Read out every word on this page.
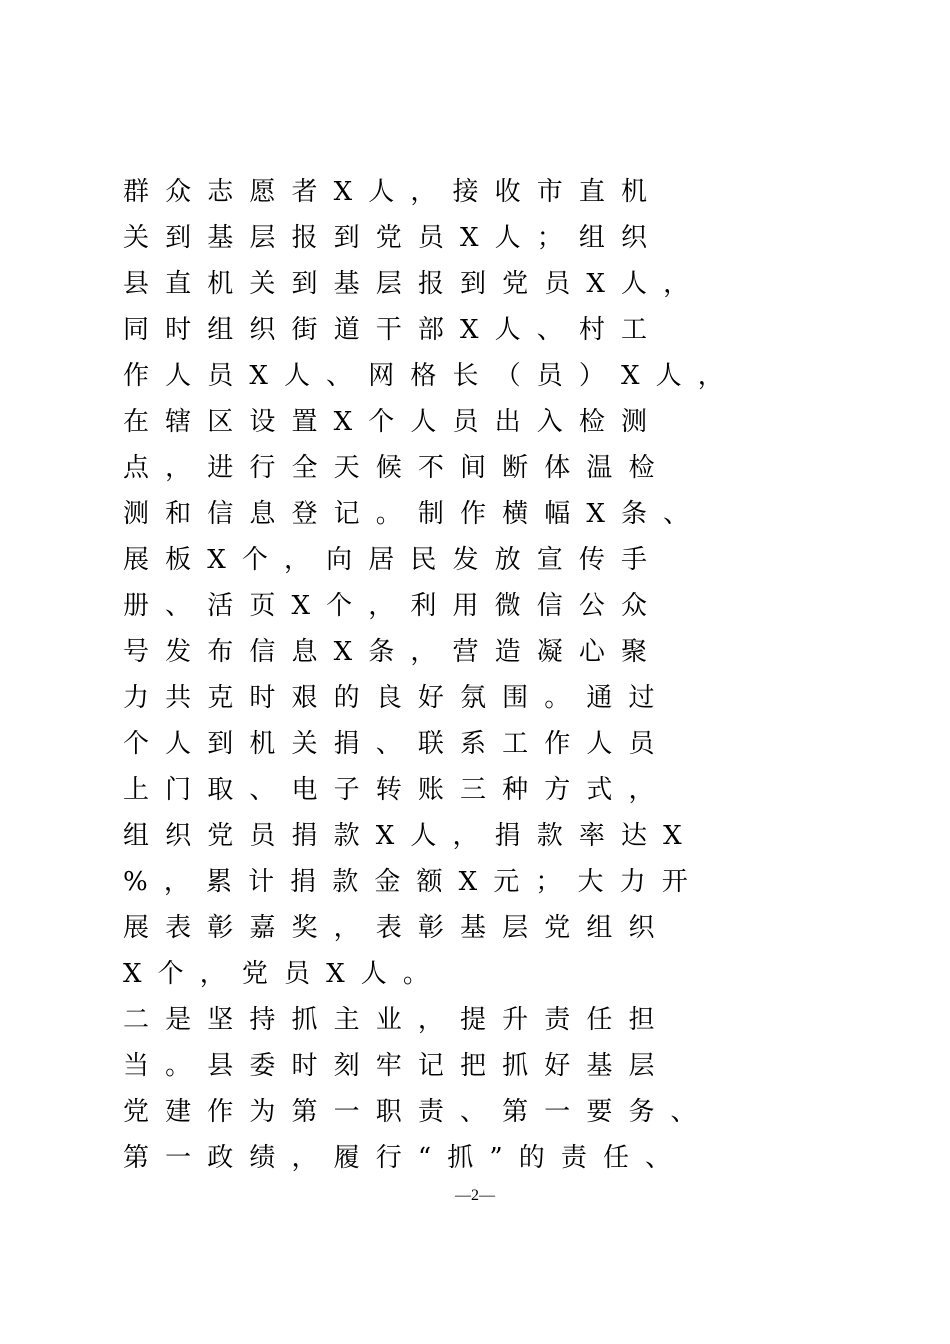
群众志愿者X人，接收市直机
关到基层报到党员X人；组织
县直机关到基层报到党员X人，
同时组织街道干部X人、村工
作人员X人、网格长（员）X人，
在辖区设置X个人员出入检测
点，进行全天候不间断体温检
测和信息登记。制作横幅X条、
展板X个，向居民发放宣传手
册、活页X个，利用微信公众
号发布信息X条，营造凝心聚
力共克时艰的良好氛围。通过
个人到机关捐、联系工作人员
上门取、电子转账三种方式，
组织党员捐款X人，捐款率达X
%，累计捐款金额X元；大力开
展表彰嘉奖，表彰基层党组织
X个，党员X人。
二是坚持抓主业，提升责任担
当。县委时刻牢记把抓好基层
党建作为第一职责、第一要务、
第一政绩，履行“抓”的责任、
—2—
